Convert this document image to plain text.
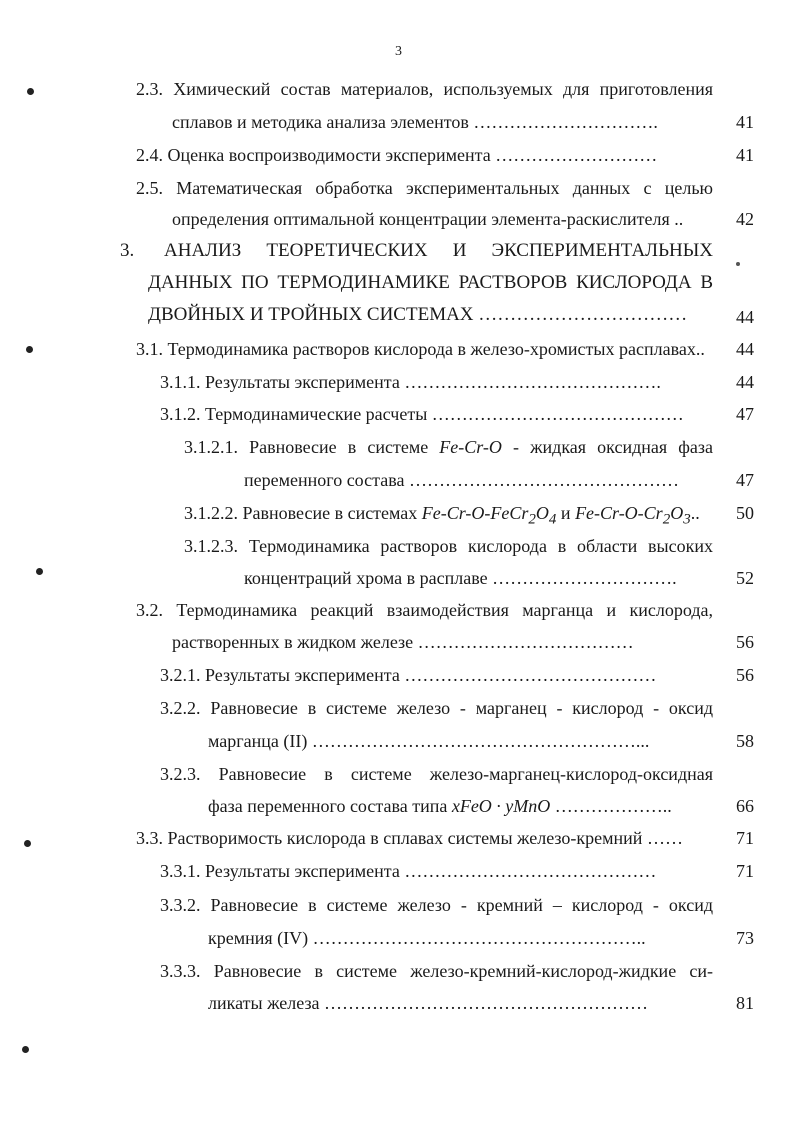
3
2.3. Химический состав материалов, используемых для приготовления
сплавов и методика анализа элементов ………………………….	41
2.4. Оценка воспроизводимости эксперимента ………………………	41
2.5. Математическая обработка экспериментальных данных с целью
определения оптимальной концентрации элемента-раскислителя ..	42
3. АНАЛИЗ ТЕОРЕТИЧЕСКИХ И ЭКСПЕРИМЕНТАЛЬНЫХ
ДАННЫХ ПО ТЕРМОДИНАМИКЕ РАСТВОРОВ КИСЛОРОДА В
ДВОЙНЫХ И ТРОЙНЫХ СИСТЕМАХ ……………………………	44
3.1. Термодинамика растворов кислорода в железо-хромистых расплавах..	44
3.1.1. Результаты эксперимента …………………………………….	44
3.1.2. Термодинамические расчеты ……………………………………	47
3.1.2.1. Равновесие в системе Fe-Cr-O - жидкая оксидная фаза
переменного состава ………………………………………	47
3.1.2.2. Равновесие в системах $Fe-Cr-O-FeCr_2O_4$ и $Fe-Cr-O-Cr_2O_3$..	50
3.1.2.3. Термодинамика растворов кислорода в области высоких
концентраций хрома в расплаве ………………………….	52
3.2. Термодинамика реакций взаимодействия марганца и кислорода,
растворенных в жидком железе ………………………………	56
3.2.1. Результаты эксперимента ……………………………………	56
3.2.2. Равновесие в системе железо - марганец - кислород - оксид
марганца (II) ………………………………………………...	58
3.2.3. Равновесие в системе железо-марганец-кислород-оксидная
фаза переменного состава типа xFeO · yMnO ………………..	66
3.3. Растворимость кислорода в сплавах системы железо-кремний ……	71
3.3.1. Результаты эксперимента ……………………………………	71
3.3.2. Равновесие в системе железо - кремний – кислород - оксид
кремния (IV) ………………………………………………..	73
3.3.3. Равновесие в системе железо-кремний-кислород-жидкие си-
ликаты железа ………………………………………………	81
